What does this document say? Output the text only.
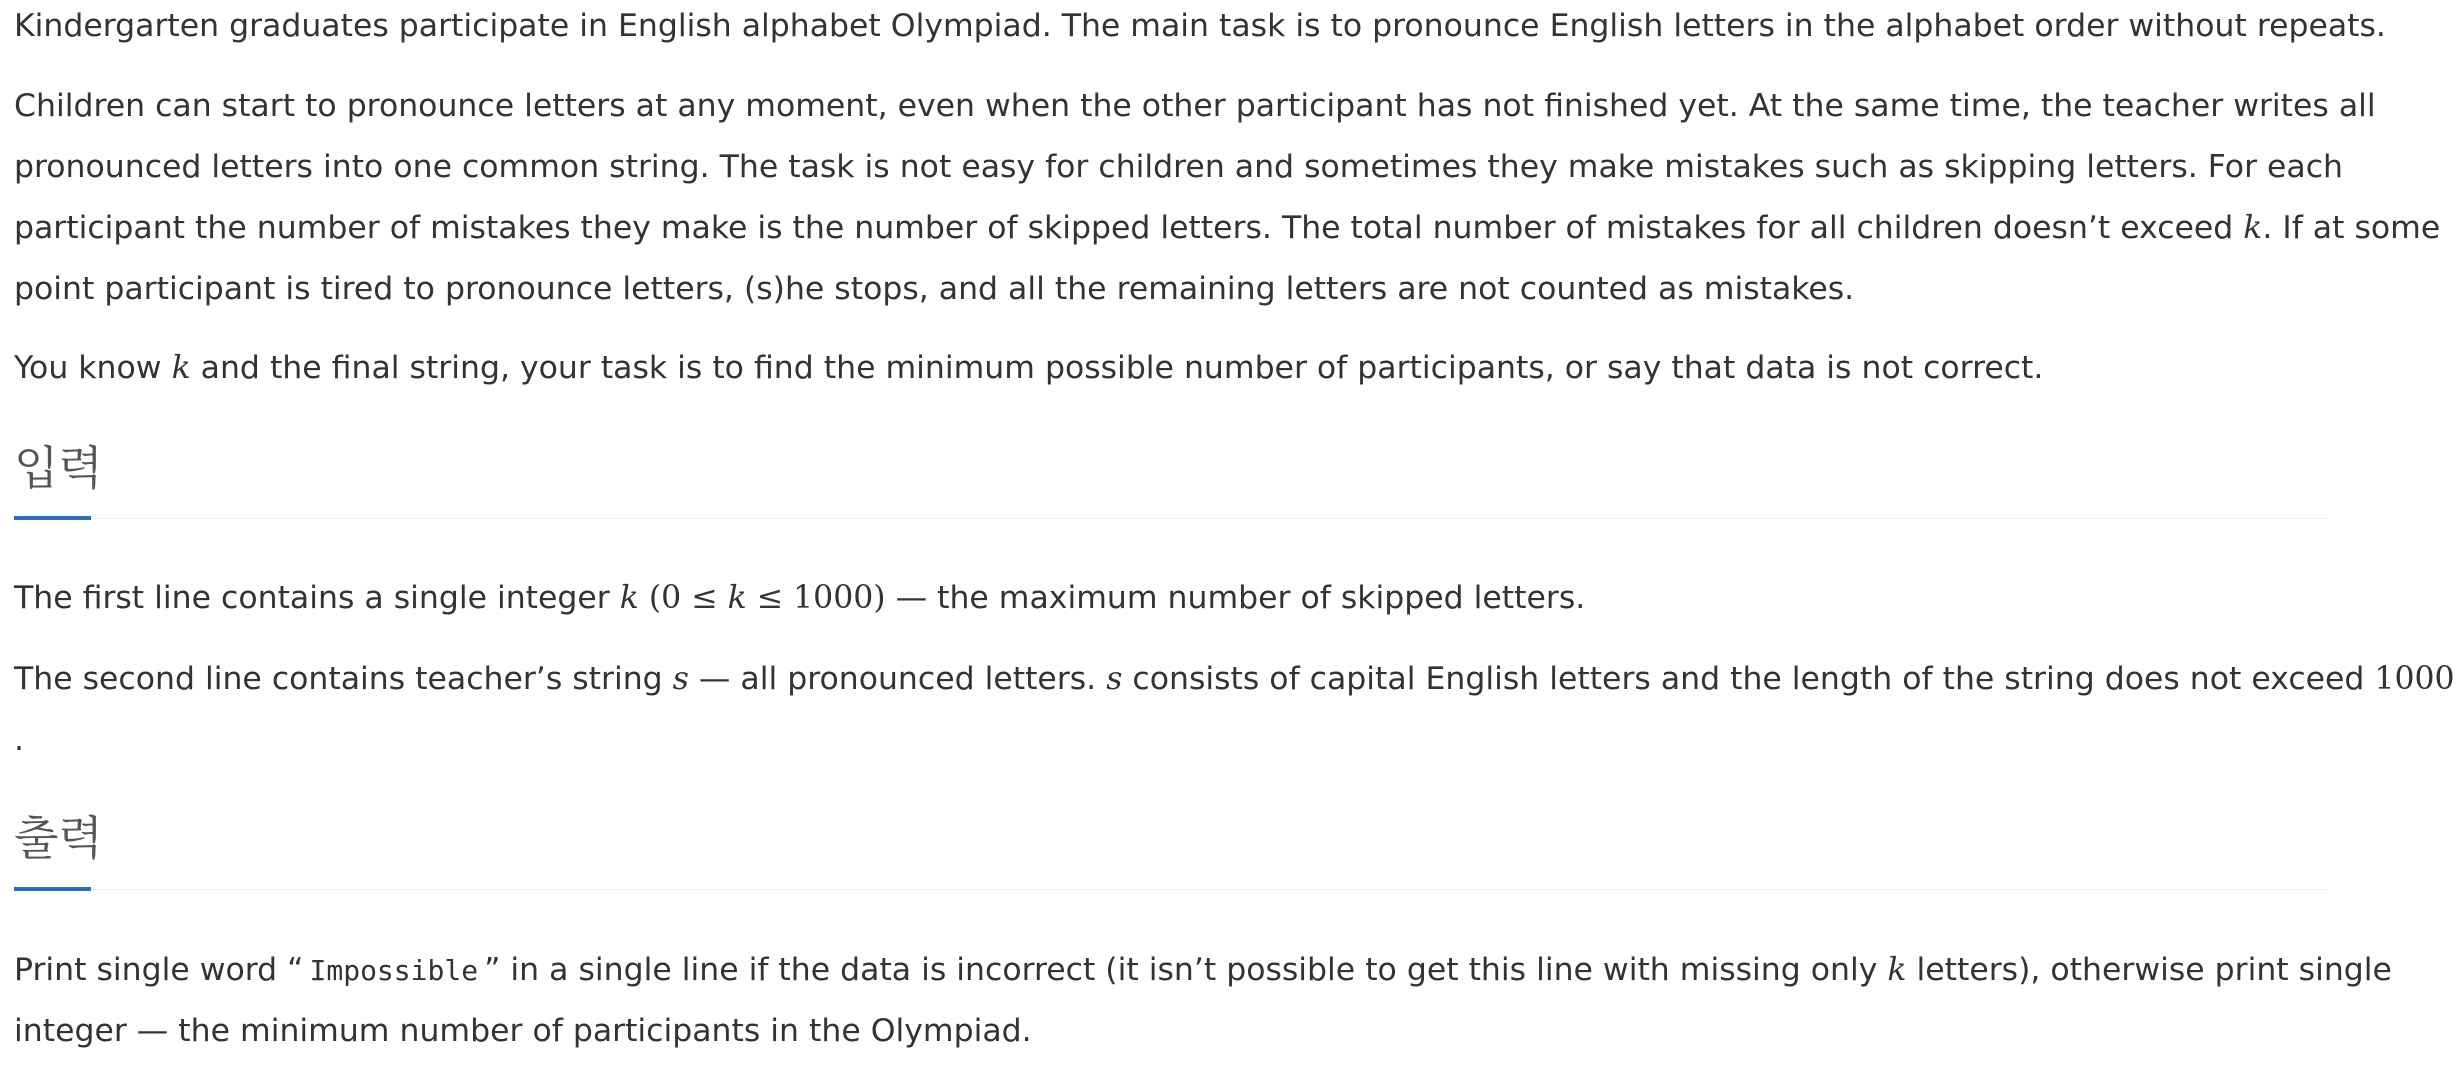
Kindergarten graduates participate in English alphabet Olympiad. The main task is to pronounce English letters in the alphabet order without repeats.

Children can start to pronounce letters at any moment, even when the other participant has not finished yet. At the same time, the teacher writes all
pronounced letters into one common string. The task is not easy for children and sometimes they make mistakes such as skipping letters. For each
participant the number of mistakes they make is the number of skipped letters. The total number of mistakes for all children doesn’t exceed k. If at some
point participant is tired to pronounce letters, (s)he stops, and all the remaining letters are not counted as mistakes.

You know k and the final string, your task is to find the minimum possible number of participants, or say that data is not correct.

입력

The first line contains a single integer k (0 ≤ k ≤ 1000) — the maximum number of skipped letters.

The second line contains teacher’s string s — all pronounced letters. s consists of capital English letters and the length of the string does not exceed 1000
.

출력

Print single word “ Impossible ” in a single line if the data is incorrect (it isn’t possible to get this line with missing only k letters), otherwise print single
integer — the minimum number of participants in the Olympiad.
